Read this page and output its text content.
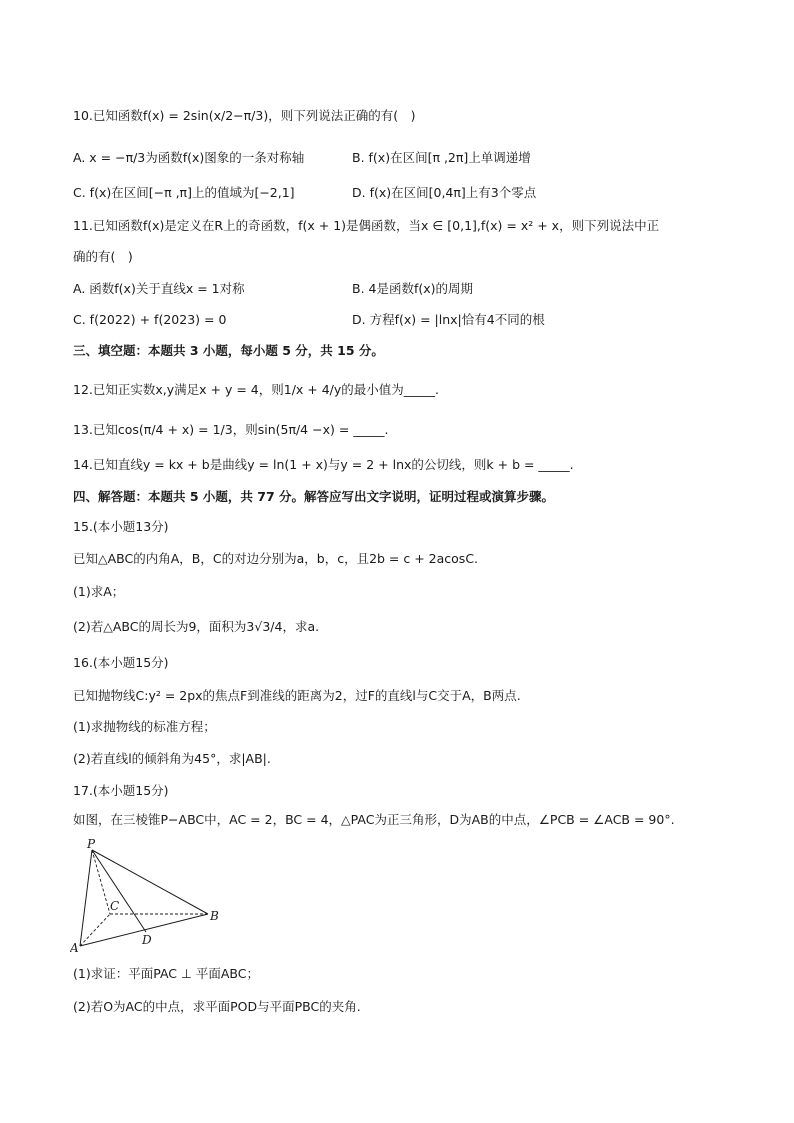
10.已知函数f(x) = 2sin(x/2−π/3)，则下列说法正确的有(　)
A. x = −π/3为函数f(x)图象的一条对称轴	B. f(x)在区间[π ,2π]上单调递增
C. f(x)在区间[−π ,π]上的值域为[−2,1]	D. f(x)在区间[0,4π]上有3个零点
11.已知函数f(x)是定义在R上的奇函数，f(x + 1)是偶函数，当x ∈ [0,1],f(x) = x² + x，则下列说法中正
确的有(　)
A. 函数f(x)关于直线x = 1对称	B. 4是函数f(x)的周期
C. f(2022) + f(2023) = 0	D. 方程f(x) = |lnx|恰有4不同的根
三、填空题：本题共 3 小题，每小题 5 分，共 15 分。
12.已知正实数x,y满足x + y = 4，则1/x + 4/y的最小值为_____.
13.已知cos(π/4 + x) = 1/3，则sin(5π/4 −x) = _____.
14.已知直线y = kx + b是曲线y = ln(1 + x)与y = 2 + lnx的公切线，则k + b = _____.
四、解答题：本题共 5 小题，共 77 分。解答应写出文字说明，证明过程或演算步骤。
15.(本小题13分)
已知△ABC的内角A，B，C的对边分别为a，b，c，且2b = c + 2acosC.
(1)求A；
(2)若△ABC的周长为9，面积为3√3/4，求a.
16.(本小题15分)
已知抛物线C:y² = 2px的焦点F到准线的距离为2，过F的直线l与C交于A，B两点.
(1)求抛物线的标准方程；
(2)若直线l的倾斜角为45°，求|AB|.
17.(本小题15分)
如图，在三棱锥P−ABC中，AC = 2，BC = 4，△PAC为正三角形，D为AB的中点，∠PCB = ∠ACB = 90°.
P
C
B
A
D
(1)求证：平面PAC ⊥ 平面ABC；
(2)若O为AC的中点，求平面POD与平面PBC的夹角.
